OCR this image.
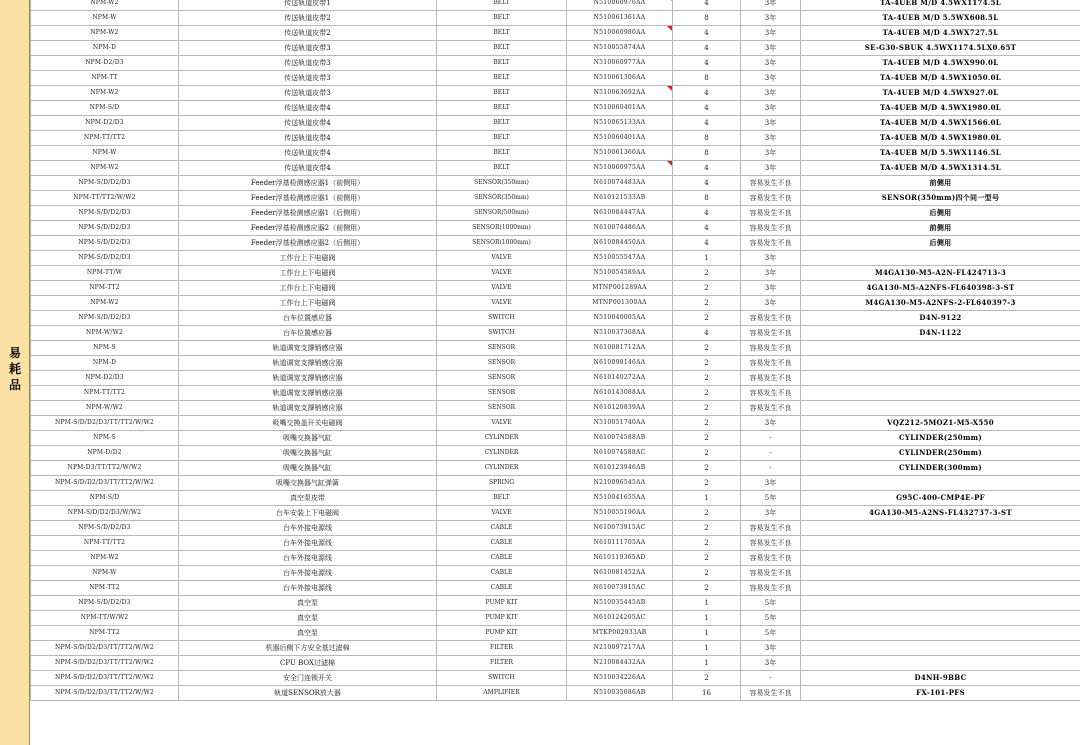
易
耗
品
NPM-W2	传送轨道皮带1	BELT	N510060976AA	4	3年	TA-4UEB M/D 4.5WX1174.5L
NPM-W	传送轨道皮带2	BELT	N510061361AA	8	3年	TA-4UEB M/D 5.5WX608.5L
NPM-W2	传送轨道皮带2	BELT	N510060980AA	4	3年	TA-4UEB M/D 4.5WX727.5L
NPM-D	传送轨道皮带3	BELT	N510055874AA	4	3年	SE-G30-SBUK 4.5WX1174.5LX0.65T
NPM-D2/D3	传送轨道皮带3	BELT	N510060977AA	4	3年	TA-4UEB M/D 4.5WX990.0L
NPM-TT	传送轨道皮带3	BELT	N510061306AA	8	3年	TA-4UEB M/D 4.5WX1050.0L
NPM-W2	传送轨道皮带3	BELT	N510063692AA	4	3年	TA-4UEB M/D 4.5WX927.0L
NPM-S/D	传送轨道皮带4	BELT	N510060401AA	4	3年	TA-4UEB M/D 4.5WX1980.0L
NPM-D2/D3	传送轨道皮带4	BELT	N510065133AA	4	3年	TA-4UEB M/D 4.5WX1566.0L
NPM-TT/TT2	传送轨道皮带4	BELT	N510060401AA	8	3年	TA-4UEB M/D 4.5WX1980.0L
NPM-W	传送轨道皮带4	BELT	N510061360AA	8	3年	TA-4UEB M/D 5.5WX1146.5L
NPM-W2	传送轨道皮带4	BELT	N510060975AA	4	3年	TA-4UEB M/D 4.5WX1314.5L
NPM-S/D/D2/D3	Feeder浮基检测感应器1（前侧用）	SENSOR(350mm)	N610074483AA	4	容易发生不良	前侧用
NPM-TT/TT2/W/W2	Feeder浮基检测感应器1（前侧用）	SENSOR(350mm)	N610121533AB	8	容易发生不良	SENSOR(350mm)四个同一型号
NPM-S/D/D2/D3	Feeder浮基检测感应器1（后侧用）	SENSOR(500mm)	N610084447AA	4	容易发生不良	后侧用
NPM-S/D/D2/D3	Feeder浮基检测感应器2（前侧用）	SENSOR(1000mm)	N610074486AA	4	容易发生不良	前侧用
NPM-S/D/D2/D3	Feeder浮基检测感应器2（后侧用）	SENSOR(1000mm)	N610084450AA	4	容易发生不良	后侧用
NPM-S/D/D2/D3	工作台上下电磁阀	VALVE	N510055547AA	1	3年	
NPM-TT/W	工作台上下电磁阀	VALVE	N510054589AA	2	3年	M4GA130-M5-A2N-FL424713-3
NPM-TT2	工作台上下电磁阀	VALVE	MTNP001289AA	2	3年	4GA130-M5-A2NFS-FL640398-3-ST
NPM-W2	工作台上下电磁阀	VALVE	MTNP001300AA	2	3年	M4GA130-M5-A2NFS-2-FL640397-3
NPM-S/D/D2/D3	台车位置感应器	SWITCH	N510040005AA	2	容易发生不良	D4N-9122
NPM-W/W2	台车位置感应器	SWITCH	N510037368AA	4	容易发生不良	D4N-1122
NPM-S	轨道调宽支撑销感应器	SENSOR	N610081712AA	2	容易发生不良	
NPM-D	轨道调宽支撑销感应器	SENSOR	N610098146AA	2	容易发生不良	
NPM-D2/D3	轨道调宽支撑销感应器	SENSOR	N610140272AA	2	容易发生不良	
NPM-TT/TT2	轨道调宽支撑销感应器	SENSOR	N610143088AA	2	容易发生不良	
NPM-W/W2	轨道调宽支撑销感应器	SENSOR	N610120839AA	2	容易发生不良	
NPM-S/D/D2/D3/TT/TT2/W/W2	吸嘴交换盖开关电磁阀	VALVE	N510051740AA	2	3年	VQZ212-5MOZ1-M5-X550
NPM-S	吸嘴交换器气缸	CYLINDER	N610074588AB	2	-	CYLINDER(250mm)
NPM-D/D2	吸嘴交换器气缸	CYLINDER	N610074588AC	2	-	CYLINDER(250mm)
NPM-D3/TT/TT2/W/W2	吸嘴交换器气缸	CYLINDER	N610123946AB	2	-	CYLINDER(300mm)
NPM-S/D/D2/D3/TT/TT2/W/W2	吸嘴交换器气缸弹簧	SPRING	N210096545AA	2	3年	
NPM-S/D	真空泵皮带	BELT	N510041655AA	1	5年	G95C-400-CMP4E-PF
NPM-S/D/D2/D3/W/W2	台车安装上下电磁阀	VALVE	N510055190AA	2	3年	4GA130-M5-A2NS-FL432737-3-ST
NPM-S/D/D2/D3	台车外接电源线	CABLE	N610073915AC	2	容易发生不良	
NPM-TT/TT2	台车外接电源线	CABLE	N610111705AA	2	容易发生不良	
NPM-W2	台车外接电源线	CABLE	N610119365AD	2	容易发生不良	
NPM-W	台车外接电源线	CABLE	N610081452AA	2	容易发生不良	
NPM-TT2	台车外接电源线	CABLE	N610073915AC	2	容易发生不良	
NPM-S/D/D2/D3	真空泵	PUMP KIT	N510035445AB	1	5年	
NPM-TT/W/W2	真空泵	PUMP KIT	N610124205AC	1	5年	
NPM-TT2	真空泵	PUMP KIT	MTKP002933AB	1	5年	
NPM-S/D/D2/D3/TT/TT2/W/W2	机器后侧下方安全基过滤棉	FILTER	N210097217AA	1	3年	
NPM-S/D/D2/D3/TT/TT2/W/W2	CPU BOX过滤棉	FILTER	N210084432AA	1	3年	
NPM-S/D/D2/D3/TT/TT2/W/W2	安全门连锁开关	SWITCH	N510034226AA	2	-	D4NH-9BBC
NPM-S/D/D2/D3/TT/TT2/W/W2	轨道SENSOR放大器	AMPLIFIER	N510035086AB	16	容易发生不良	FX-101-PFS
